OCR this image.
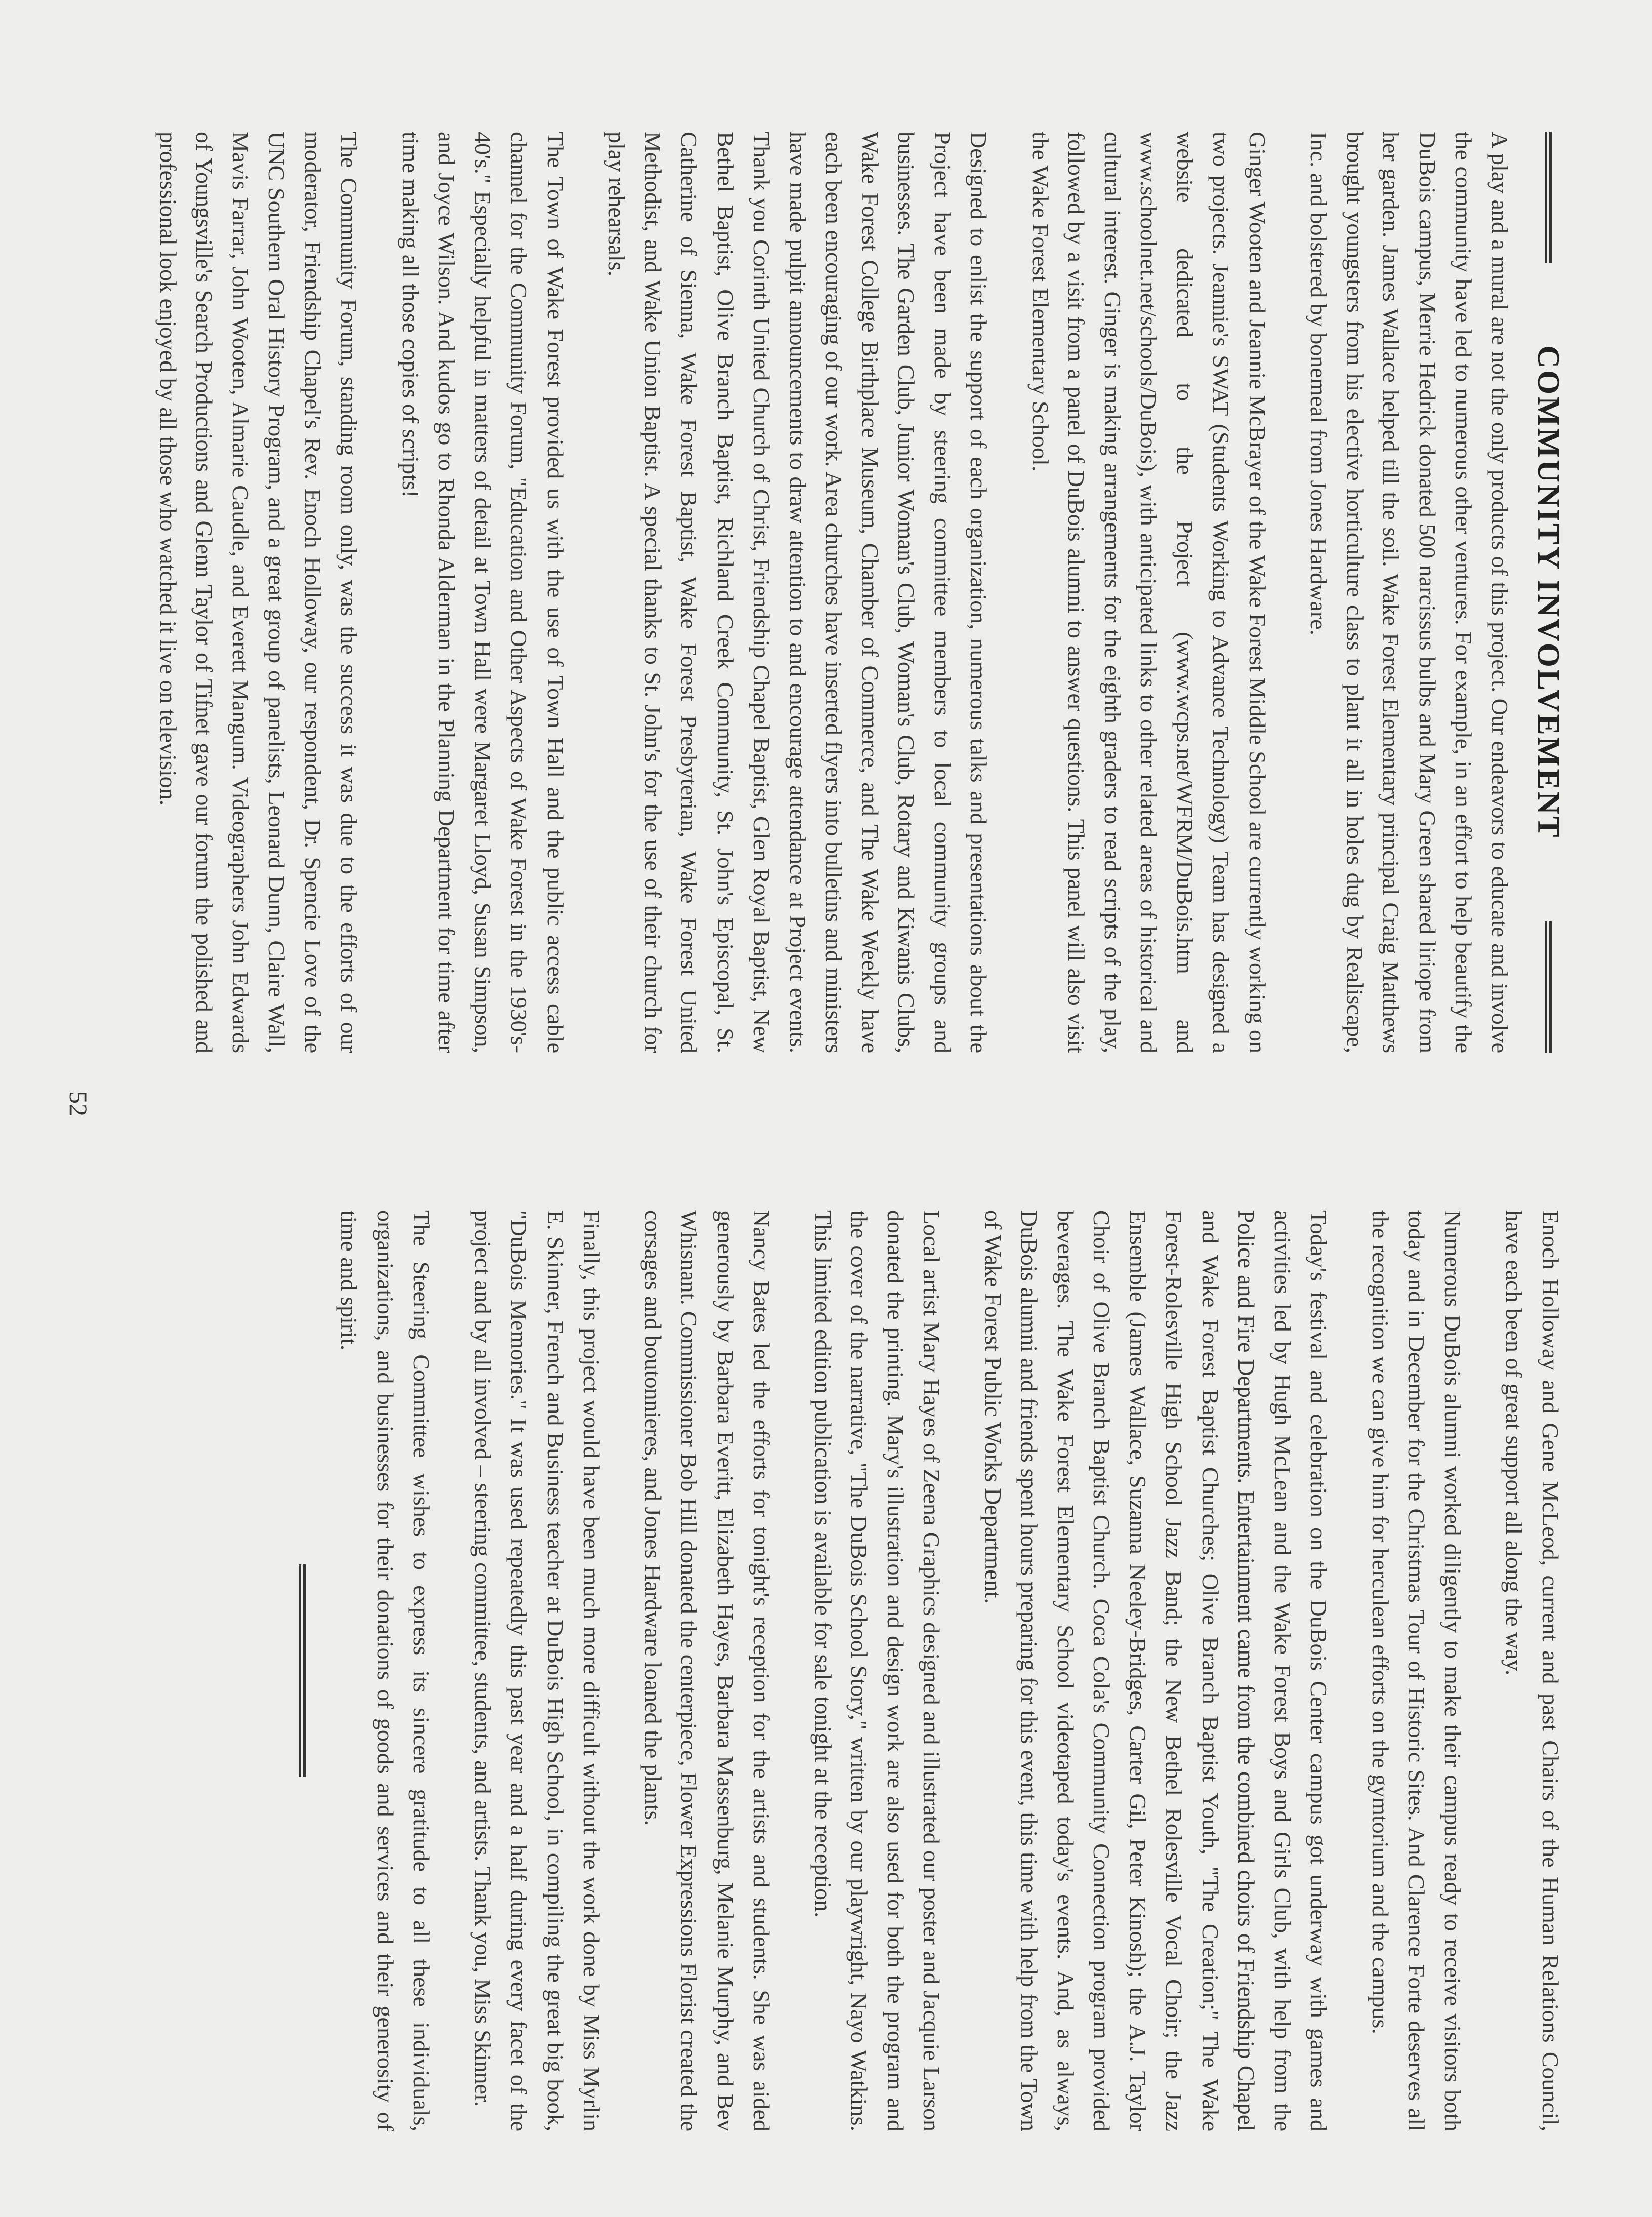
COMMUNITY INVOLVEMENT

A play and a mural are not the only products of this project. Our endeavors to educate and involve the community have led to numerous other ventures. For example, in an effort to help beautify the DuBois campus, Merrie Hedrick donated 500 narcissus bulbs and Mary Green shared liriope from her garden. James Wallace helped till the soil. Wake Forest Elementary principal Craig Matthews brought youngsters from his elective horticulture class to plant it all in holes dug by Realiscape, Inc. and bolstered by bonemeal from Jones Hardware.

Ginger Wooten and Jeannie McBrayer of the Wake Forest Middle School are currently working on two projects. Jeannie's SWAT (Students Working to Advance Technology) Team has designed a website dedicated to the Project (www.wcps.net/WFRM/DuBois.htm and www.schoolnet.net/schools/DuBois), with anticipated links to other related areas of historical and cultural interest. Ginger is making arrangements for the eighth graders to read scripts of the play, followed by a visit from a panel of DuBois alumni to answer questions. This panel will also visit the Wake Forest Elementary School.

Designed to enlist the support of each organization, numerous talks and presentations about the Project have been made by steering committee members to local community groups and businesses. The Garden Club, Junior Woman's Club, Woman's Club, Rotary and Kiwanis Clubs, Wake Forest College Birthplace Museum, Chamber of Commerce, and The Wake Weekly have each been encouraging of our work. Area churches have inserted flyers into bulletins and ministers have made pulpit announcements to draw attention to and encourage attendance at Project events. Thank you Corinth United Church of Christ, Friendship Chapel Baptist, Glen Royal Baptist, New Bethel Baptist, Olive Branch Baptist, Richland Creek Community, St. John's Episcopal, St. Catherine of Sienna, Wake Forest Baptist, Wake Forest Presbyterian, Wake Forest United Methodist, and Wake Union Baptist. A special thanks to St. John's for the use of their church for play rehearsals.

The Town of Wake Forest provided us with the use of Town Hall and the public access cable channel for the Community Forum, "Education and Other Aspects of Wake Forest in the 1930's-40's." Especially helpful in matters of detail at Town Hall were Margaret Lloyd, Susan Simpson, and Joyce Wilson. And kudos go to Rhonda Alderman in the Planning Department for time after time making all those copies of scripts!

The Community Forum, standing room only, was the success it was due to the efforts of our moderator, Friendship Chapel's Rev. Enoch Holloway, our respondent, Dr. Spencie Love of the UNC Southern Oral History Program, and a great group of panelists, Leonard Dunn, Claire Wall, Mavis Farrar, John Wooten, Almarie Caudle, and Everett Mangum. Videographers John Edwards of Youngsville's Search Productions and Glenn Taylor of Tifnet gave our forum the polished and professional look enjoyed by all those who watched it live on television.

Enoch Holloway and Gene McLeod, current and past Chairs of the Human Relations Council, have each been of great support all along the way.

Numerous DuBois alumni worked diligently to make their campus ready to receive visitors both today and in December for the Christmas Tour of Historic Sites. And Clarence Forte deserves all the recognition we can give him for herculean efforts on the gymtorium and the campus.

Today's festival and celebration on the DuBois Center campus got underway with games and activities led by Hugh McLean and the Wake Forest Boys and Girls Club, with help from the Police and Fire Departments. Entertainment came from the combined choirs of Friendship Chapel and Wake Forest Baptist Churches; Olive Branch Baptist Youth, "The Creation;" The Wake Forest-Rolesville High School Jazz Band; the New Bethel Rolesville Vocal Choir; the Jazz Ensemble (James Wallace, Suzanna Neeley-Bridges, Carter Gil, Peter Kinosh); the A.J. Taylor Choir of Olive Branch Baptist Church. Coca Cola's Community Connection program provided beverages. The Wake Forest Elementary School videotaped today's events. And, as always, DuBois alumni and friends spent hours preparing for this event, this time with help from the Town of Wake Forest Public Works Department.

Local artist Mary Hayes of Zeena Graphics designed and illustrated our poster and Jacquie Larson donated the printing. Mary's illustration and design work are also used for both the program and the cover of the narrative, "The DuBois School Story," written by our playwright, Nayo Watkins. This limited edition publication is available for sale tonight at the reception.

Nancy Bates led the efforts for tonight's reception for the artists and students. She was aided generously by Barbara Everitt, Elizabeth Hayes, Barbara Massenburg, Melanie Murphy, and Bev Whisnant. Commissioner Bob Hill donated the centerpiece, Flower Expressions Florist created the corsages and boutonnieres, and Jones Hardware loaned the plants.

Finally, this project would have been much more difficult without the work done by Miss Myrlin E. Skinner, French and Business teacher at DuBois High School, in compiling the great big book, "DuBois Memories." It was used repeatedly this past year and a half during every facet of the project and by all involved – steering committee, students, and artists. Thank you, Miss Skinner.

The Steering Committee wishes to express its sincere gratitude to all these individuals, organizations, and businesses for their donations of goods and services and their generosity of time and spirit.

52
